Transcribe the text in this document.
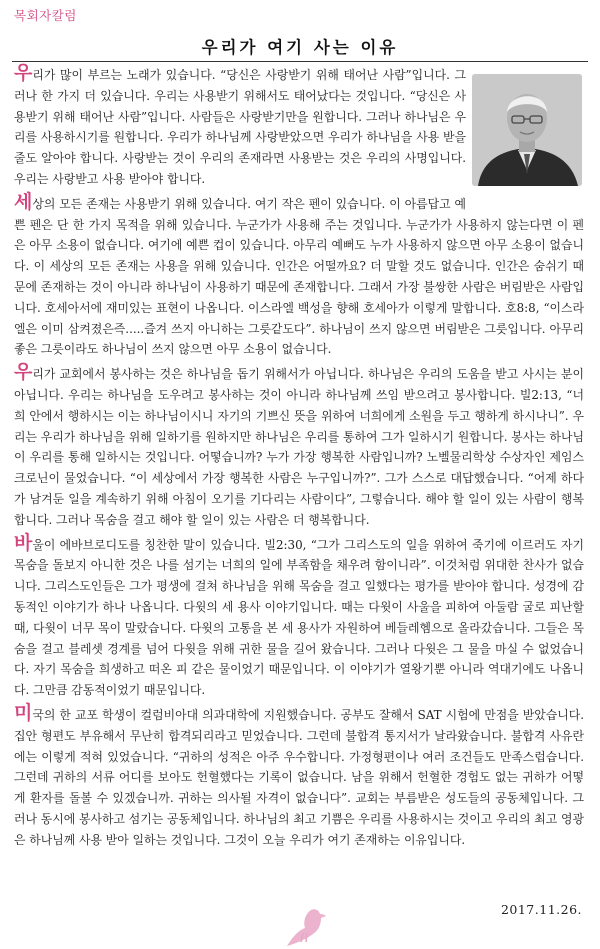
목회자칼럼
우리가 여기 사는 이유

우리가 많이 부르는 노래가 있습니다. “당신은 사랑받기 위해 태어난 사람”입니다. 그러나 한 가지 더 있습니다. 우리는 사용받기 위해서도 태어났다는 것입니다. “당신은 사용받기 위해 태어난 사람”입니다. 사람들은 사랑받기만을 원합니다. 그러나 하나님은 우리를 사용하시기를 원합니다. 우리가 하나님께 사랑받았으면 우리가 하나님을 사용 받을 줄도 알아야 합니다. 사랑받는 것이 우리의 존재라면 사용받는 것은 우리의 사명입니다. 우리는 사랑받고 사용 받아야 합니다.

세상의 모든 존재는 사용받기 위해 있습니다. 여기 작은 펜이 있습니다. 이 아름답고 예쁜 펜은 단 한 가지 목적을 위해 있습니다. 누군가가 사용해 주는 것입니다. 누군가가 사용하지 않는다면 이 펜은 아무 소용이 없습니다. 여기에 예쁜 컵이 있습니다. 아무리 예뻐도 누가 사용하지 않으면 아무 소용이 없습니다. 이 세상의 모든 존재는 사용을 위해 있습니다. 인간은 어떨까요? 더 말할 것도 없습니다. 인간은 숨쉬기 때문에 존재하는 것이 아니라 하나님이 사용하기 때문에 존재합니다. 그래서 가장 불쌍한 사람은 버림받은 사람입니다. 호세아서에 재미있는 표현이 나옵니다. 이스라엘 백성을 향해 호세아가 이렇게 말합니다. 호8:8, “이스라엘은 이미 삼켜졌은즉.....즐겨 쓰지 아니하는 그릇같도다”. 하나님이 쓰지 않으면 버림받은 그릇입니다. 아무리 좋은 그릇이라도 하나님이 쓰지 않으면 아무 소용이 없습니다.

우리가 교회에서 봉사하는 것은 하나님을 돕기 위해서가 아닙니다. 하나님은 우리의 도움을 받고 사시는 분이 아닙니다. 우리는 하나님을 도우려고 봉사하는 것이 아니라 하나님께 쓰임 받으려고 봉사합니다. 빌2:13, “너희 안에서 행하시는 이는 하나님이시니 자기의 기쁘신 뜻을 위하여 너희에게 소원을 두고 행하게 하시나니”. 우리는 우리가 하나님을 위해 일하기를 원하지만 하나님은 우리를 통하여 그가 일하시기 원합니다. 봉사는 하나님이 우리를 통해 일하시는 것입니다. 어떻습니까? 누가 가장 행복한 사람입니까? 노벨물리학상 수상자인 제임스 크로닌이 물었습니다. “이 세상에서 가장 행복한 사람은 누구입니까?”. 그가 스스로 대답했습니다. “어제 하다가 남겨둔 일을 계속하기 위해 아침이 오기를 기다리는 사람이다”, 그렇습니다. 해야 할 일이 있는 사람이 행복합니다. 그러나 목숨을 걸고 해야 할 일이 있는 사람은 더 행복합니다.

바울이 에바브로디도를 칭찬한 말이 있습니다. 빌2:30, “그가 그리스도의 일을 위하여 죽기에 이르러도 자기 목숨을 돌보지 아니한 것은 나를 섬기는 너희의 일에 부족함을 채우려 함이니라”. 이것처럼 위대한 찬사가 없습니다. 그리스도인들은 그가 평생에 걸쳐 하나님을 위해 목숨을 걸고 일했다는 평가를 받아야 합니다. 성경에 감동적인 이야기가 하나 나옵니다. 다윗의 세 용사 이야기입니다. 때는 다윗이 사울을 피하여 아둘람 굴로 피난할 때, 다윗이 너무 목이 말랐습니다. 다윗의 고통을 본 세 용사가 자원하여 베들레헴으로 올라갔습니다. 그들은 목숨을 걸고 블레셋 경계를 넘어 다윗을 위해 귀한 물을 길어 왔습니다. 그러나 다윗은 그 물을 마실 수 없었습니다. 자기 목숨을 희생하고 떠온 피 같은 물이었기 때문입니다. 이 이야기가 열왕기뿐 아니라 역대기에도 나옵니다. 그만큼 감동적이었기 때문입니다.

미국의 한 교포 학생이 컬럼비아대 의과대학에 지원했습니다. 공부도 잘해서 SAT 시험에 만점을 받았습니다. 집안 형편도 부유해서 무난히 합격되리라고 믿었습니다. 그런데 불합격 통지서가 날라왔습니다. 불합격 사유란에는 이렇게 적혀 있었습니다. “귀하의 성적은 아주 우수합니다. 가정형편이나 여러 조건들도 만족스럽습니다. 그런데 귀하의 서류 어디를 보아도 헌혈했다는 기록이 없습니다. 남을 위해서 헌혈한 경험도 없는 귀하가 어떻게 환자를 돌볼 수 있겠습니까. 귀하는 의사될 자격이 없습니다”. 교회는 부름받은 성도들의 공동체입니다. 그러나 동시에 봉사하고 섬기는 공동체입니다. 하나님의 최고 기쁨은 우리를 사용하시는 것이고 우리의 최고 영광은 하나님께 사용 받아 일하는 것입니다. 그것이 오늘 우리가 여기 존재하는 이유입니다.

2017.11.26.
